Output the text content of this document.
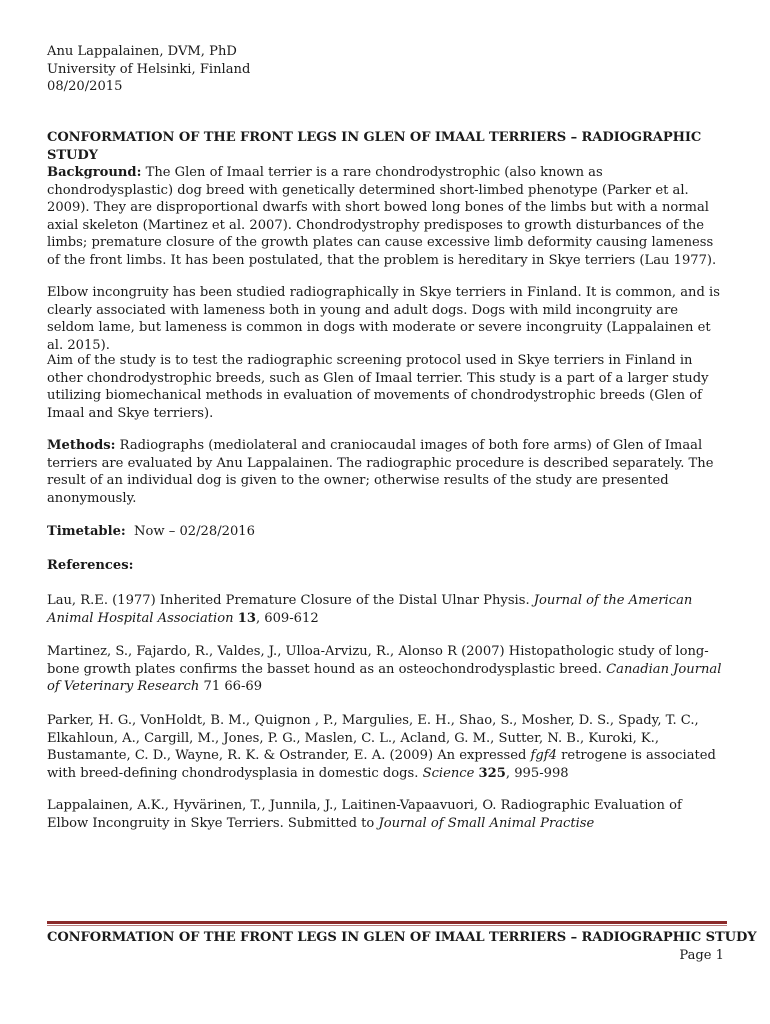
Anu Lappalainen, DVM, PhD
University of Helsinki, Finland
08/20/2015
CONFORMATION OF THE FRONT LEGS IN GLEN OF IMAAL TERRIERS – RADIOGRAPHIC STUDY

Background: The Glen of Imaal terrier is a rare chondrodystrophic (also known as chondrodysplastic) dog breed with genetically determined short-limbed phenotype (Parker et al. 2009). They are disproportional dwarfs with short bowed long bones of the limbs but with a normal axial skeleton (Martinez et al. 2007). Chondrodystrophy predisposes to growth disturbances of the limbs; premature closure of the growth plates can cause excessive limb deformity causing lameness of the front limbs. It has been postulated, that the problem is hereditary in Skye terriers (Lau 1977).

Elbow incongruity has been studied radiographically in Skye terriers in Finland. It is common, and is clearly associated with lameness both in young and adult dogs. Dogs with mild incongruity are seldom lame, but lameness is common in dogs with moderate or severe incongruity (Lappalainen et al. 2015).

Aim of the study is to test the radiographic screening protocol used in Skye terriers in Finland in other chondrodystrophic breeds, such as Glen of Imaal terrier. This study is a part of a larger study utilizing biomechanical methods in evaluation of movements of chondrodystrophic breeds (Glen of Imaal and Skye terriers).

Methods: Radiographs (mediolateral and craniocaudal images of both fore arms) of Glen of Imaal terriers are evaluated by Anu Lappalainen. The radiographic procedure is described separately. The result of an individual dog is given to the owner; otherwise results of the study are presented anonymously.

Timetable:  Now – 02/28/2016

References:

Lau, R.E. (1977) Inherited Premature Closure of the Distal Ulnar Physis. Journal of the American Animal Hospital Association 13, 609-612

Martinez, S., Fajardo, R., Valdes, J., Ulloa-Arvizu, R., Alonso R (2007) Histopathologic study of long-bone growth plates confirms the basset hound as an osteochondrodysplastic breed. Canadian Journal of Veterinary Research 71 66-69

Parker, H. G., VonHoldt, B. M., Quignon , P., Margulies, E. H., Shao, S., Mosher, D. S., Spady, T. C., Elkahloun, A., Cargill, M., Jones, P. G., Maslen, C. L., Acland, G. M., Sutter, N. B., Kuroki, K., Bustamante, C. D., Wayne, R. K. & Ostrander, E. A. (2009) An expressed fgf4 retrogene is associated with breed-defining chondrodysplasia in domestic dogs. Science 325, 995-998

Lappalainen, A.K., Hyvärinen, T., Junnila, J., Laitinen-Vapaavuori, O. Radiographic Evaluation of Elbow Incongruity in Skye Terriers. Submitted to Journal of Small Animal Practise

CONFORMATION OF THE FRONT LEGS IN GLEN OF IMAAL TERRIERS – RADIOGRAPHIC STUDY
Page 1
